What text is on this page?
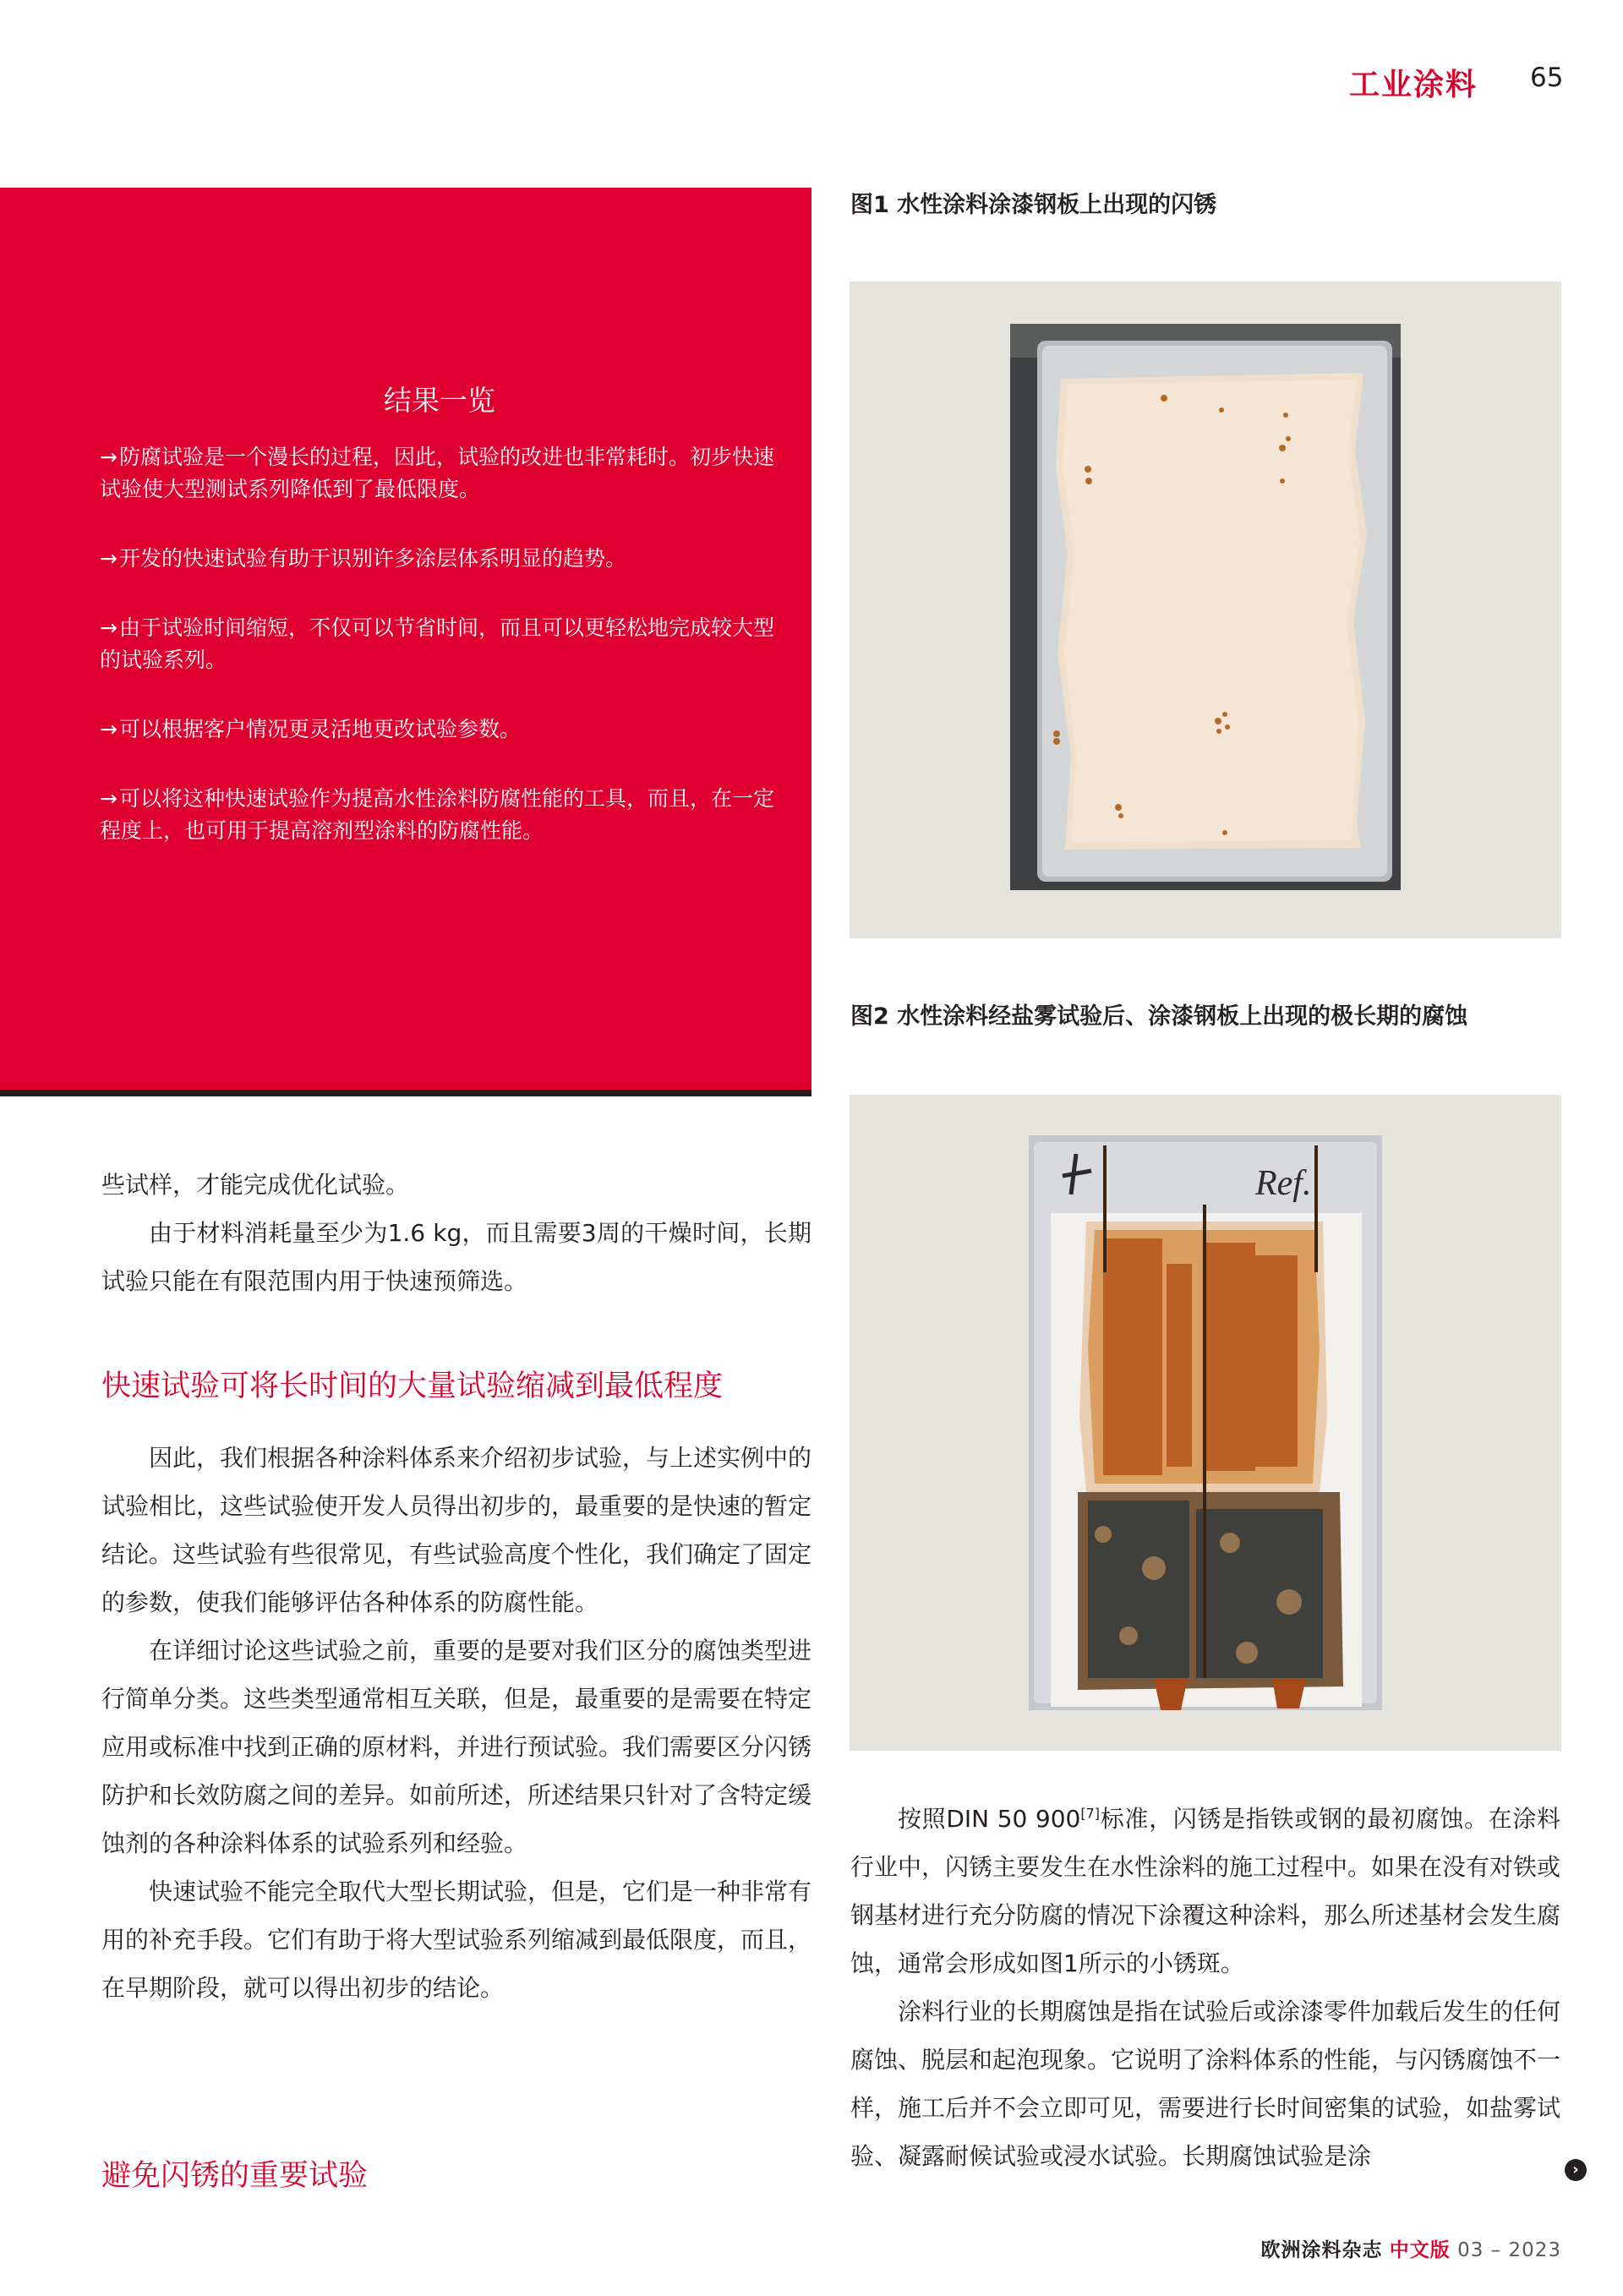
工业涂料 65
结果一览
→防腐试验是一个漫长的过程，因此，试验的改进也非常耗时。初步快速试验使大型测试系列降低到了最低限度。
→开发的快速试验有助于识别许多涂层体系明显的趋势。
→由于试验时间缩短，不仅可以节省时间，而且可以更轻松地完成较大型的试验系列。
→可以根据客户情况更灵活地更改试验参数。
→可以将这种快速试验作为提高水性涂料防腐性能的工具，而且，在一定程度上，也可用于提高溶剂型涂料的防腐性能。
图1 水性涂料涂漆钢板上出现的闪锈
图2 水性涂料经盐雾试验后、涂漆钢板上出现的极长期的腐蚀
Ref.

些试样，才能完成优化试验。

由于材料消耗量至少为1.6 kg，而且需要3周的干燥时间，长期试验只能在有限范围内用于快速预筛选。

快速试验可将长时间的大量试验缩减到最低程度

因此，我们根据各种涂料体系来介绍初步试验，与上述实例中的试验相比，这些试验使开发人员得出初步的，最重要的是快速的暂定结论。这些试验有些很常见，有些试验高度个性化，我们确定了固定的参数，使我们能够评估各种体系的防腐性能。

在详细讨论这些试验之前，重要的是要对我们区分的腐蚀类型进行简单分类。这些类型通常相互关联，但是，最重要的是需要在特定应用或标准中找到正确的原材料，并进行预试验。我们需要区分闪锈防护和长效防腐之间的差异。如前所述，所述结果只针对了含特定缓蚀剂的各种涂料体系的试验系列和经验。

快速试验不能完全取代大型长期试验，但是，它们是一种非常有用的补充手段。它们有助于将大型试验系列缩减到最低限度，而且，在早期阶段，就可以得出初步的结论。

避免闪锈的重要试验

按照DIN 50 900[7]标准，闪锈是指铁或钢的最初腐蚀。在涂料行业中，闪锈主要发生在水性涂料的施工过程中。如果在没有对铁或钢基材进行充分防腐的情况下涂覆这种涂料，那么所述基材会发生腐蚀，通常会形成如图1所示的小锈斑。

涂料行业的长期腐蚀是指在试验后或涂漆零件加载后发生的任何腐蚀、脱层和起泡现象。它说明了涂料体系的性能，与闪锈腐蚀不一样，施工后并不会立即可见，需要进行长时间密集的试验，如盐雾试验、凝露耐候试验或浸水试验。长期腐蚀试验是涂	›
欧洲涂料杂志 中文版 03 – 2023
